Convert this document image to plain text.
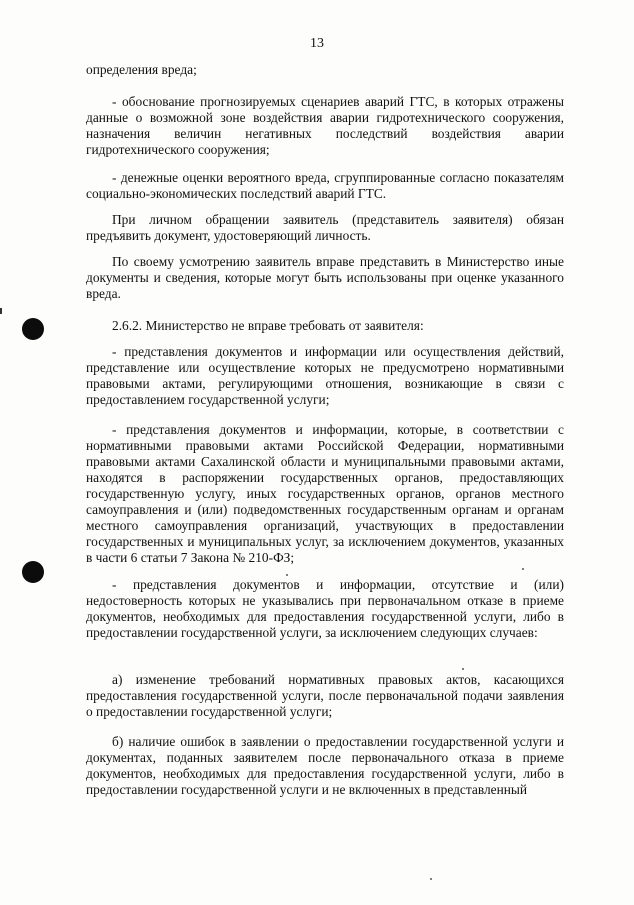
13
определения вреда;
- обоснование прогнозируемых сценариев аварий ГТС, в которых отражены данные о возможной зоне воздействия аварии гидротехнического сооружения, назначения величин негативных последствий воздействия аварии гидротехнического сооружения;
- денежные оценки вероятного вреда, сгруппированные согласно показателям социально-экономических последствий аварий ГТС.
При личном обращении заявитель (представитель заявителя) обязан предъявить документ, удостоверяющий личность.
По своему усмотрению заявитель вправе представить в Министерство иные документы и сведения, которые могут быть использованы при оценке указанного вреда.
2.6.2. Министерство не вправе требовать от заявителя:
- представления документов и информации или осуществления действий, представление или осуществление которых не предусмотрено нормативными правовыми актами, регулирующими отношения, возникающие в связи с предоставлением государственной услуги;
- представления документов и информации, которые, в соответствии с нормативными правовыми актами Российской Федерации, нормативными правовыми актами Сахалинской области и муниципальными правовыми актами, находятся в распоряжении государственных органов, предоставляющих государственную услугу, иных государственных органов, органов местного самоуправления и (или) подведомственных государственным органам и органам местного самоуправления организаций, участвующих в предоставлении государственных и муниципальных услуг, за исключением документов, указанных в части 6 статьи 7 Закона № 210-ФЗ;
- представления документов и информации, отсутствие и (или) недостоверность которых не указывались при первоначальном отказе в приеме документов, необходимых для предоставления государственной услуги, либо в предоставлении государственной услуги, за исключением следующих случаев:
а) изменение требований нормативных правовых актов, касающихся предоставления государственной услуги, после первоначальной подачи заявления о предоставлении государственной услуги;
б) наличие ошибок в заявлении о предоставлении государственной услуги и документах, поданных заявителем после первоначального отказа в приеме документов, необходимых для предоставления государственной услуги, либо в предоставлении государственной услуги и не включенных в представленный
